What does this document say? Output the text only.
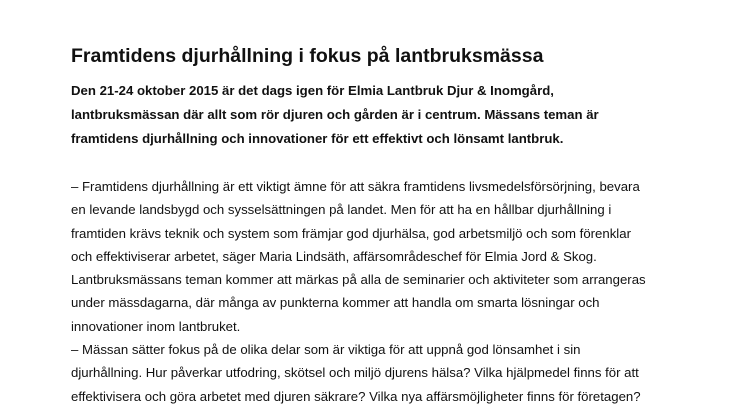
Framtidens djurhållning i fokus på lantbruksmässa

Den 21-24 oktober 2015 är det dags igen för Elmia Lantbruk Djur & Inomgård,
lantbruksmässan där allt som rör djuren och gården är i centrum. Mässans teman är
framtidens djurhållning och innovationer för ett effektivt och lönsamt lantbruk.

– Framtidens djurhållning är ett viktigt ämne för att säkra framtidens livsmedelsförsörjning, bevara
en levande landsbygd och sysselsättningen på landet. Men för att ha en hållbar djurhållning i
framtiden krävs teknik och system som främjar god djurhälsa, god arbetsmiljö och som förenklar
och effektiviserar arbetet, säger Maria Lindsäth, affärsområdeschef för Elmia Jord & Skog.
Lantbruksmässans teman kommer att märkas på alla de seminarier och aktiviteter som arrangeras
under mässdagarna, där många av punkterna kommer att handla om smarta lösningar och
innovationer inom lantbruket.
– Mässan sätter fokus på de olika delar som är viktiga för att uppnå god lönsamhet i sin
djurhållning. Hur påverkar utfodring, skötsel och miljö djurens hälsa? Vilka hjälpmedel finns för att
effektivisera och göra arbetet med djuren säkrare? Vilka nya affärsmöjligheter finns för företagen?
